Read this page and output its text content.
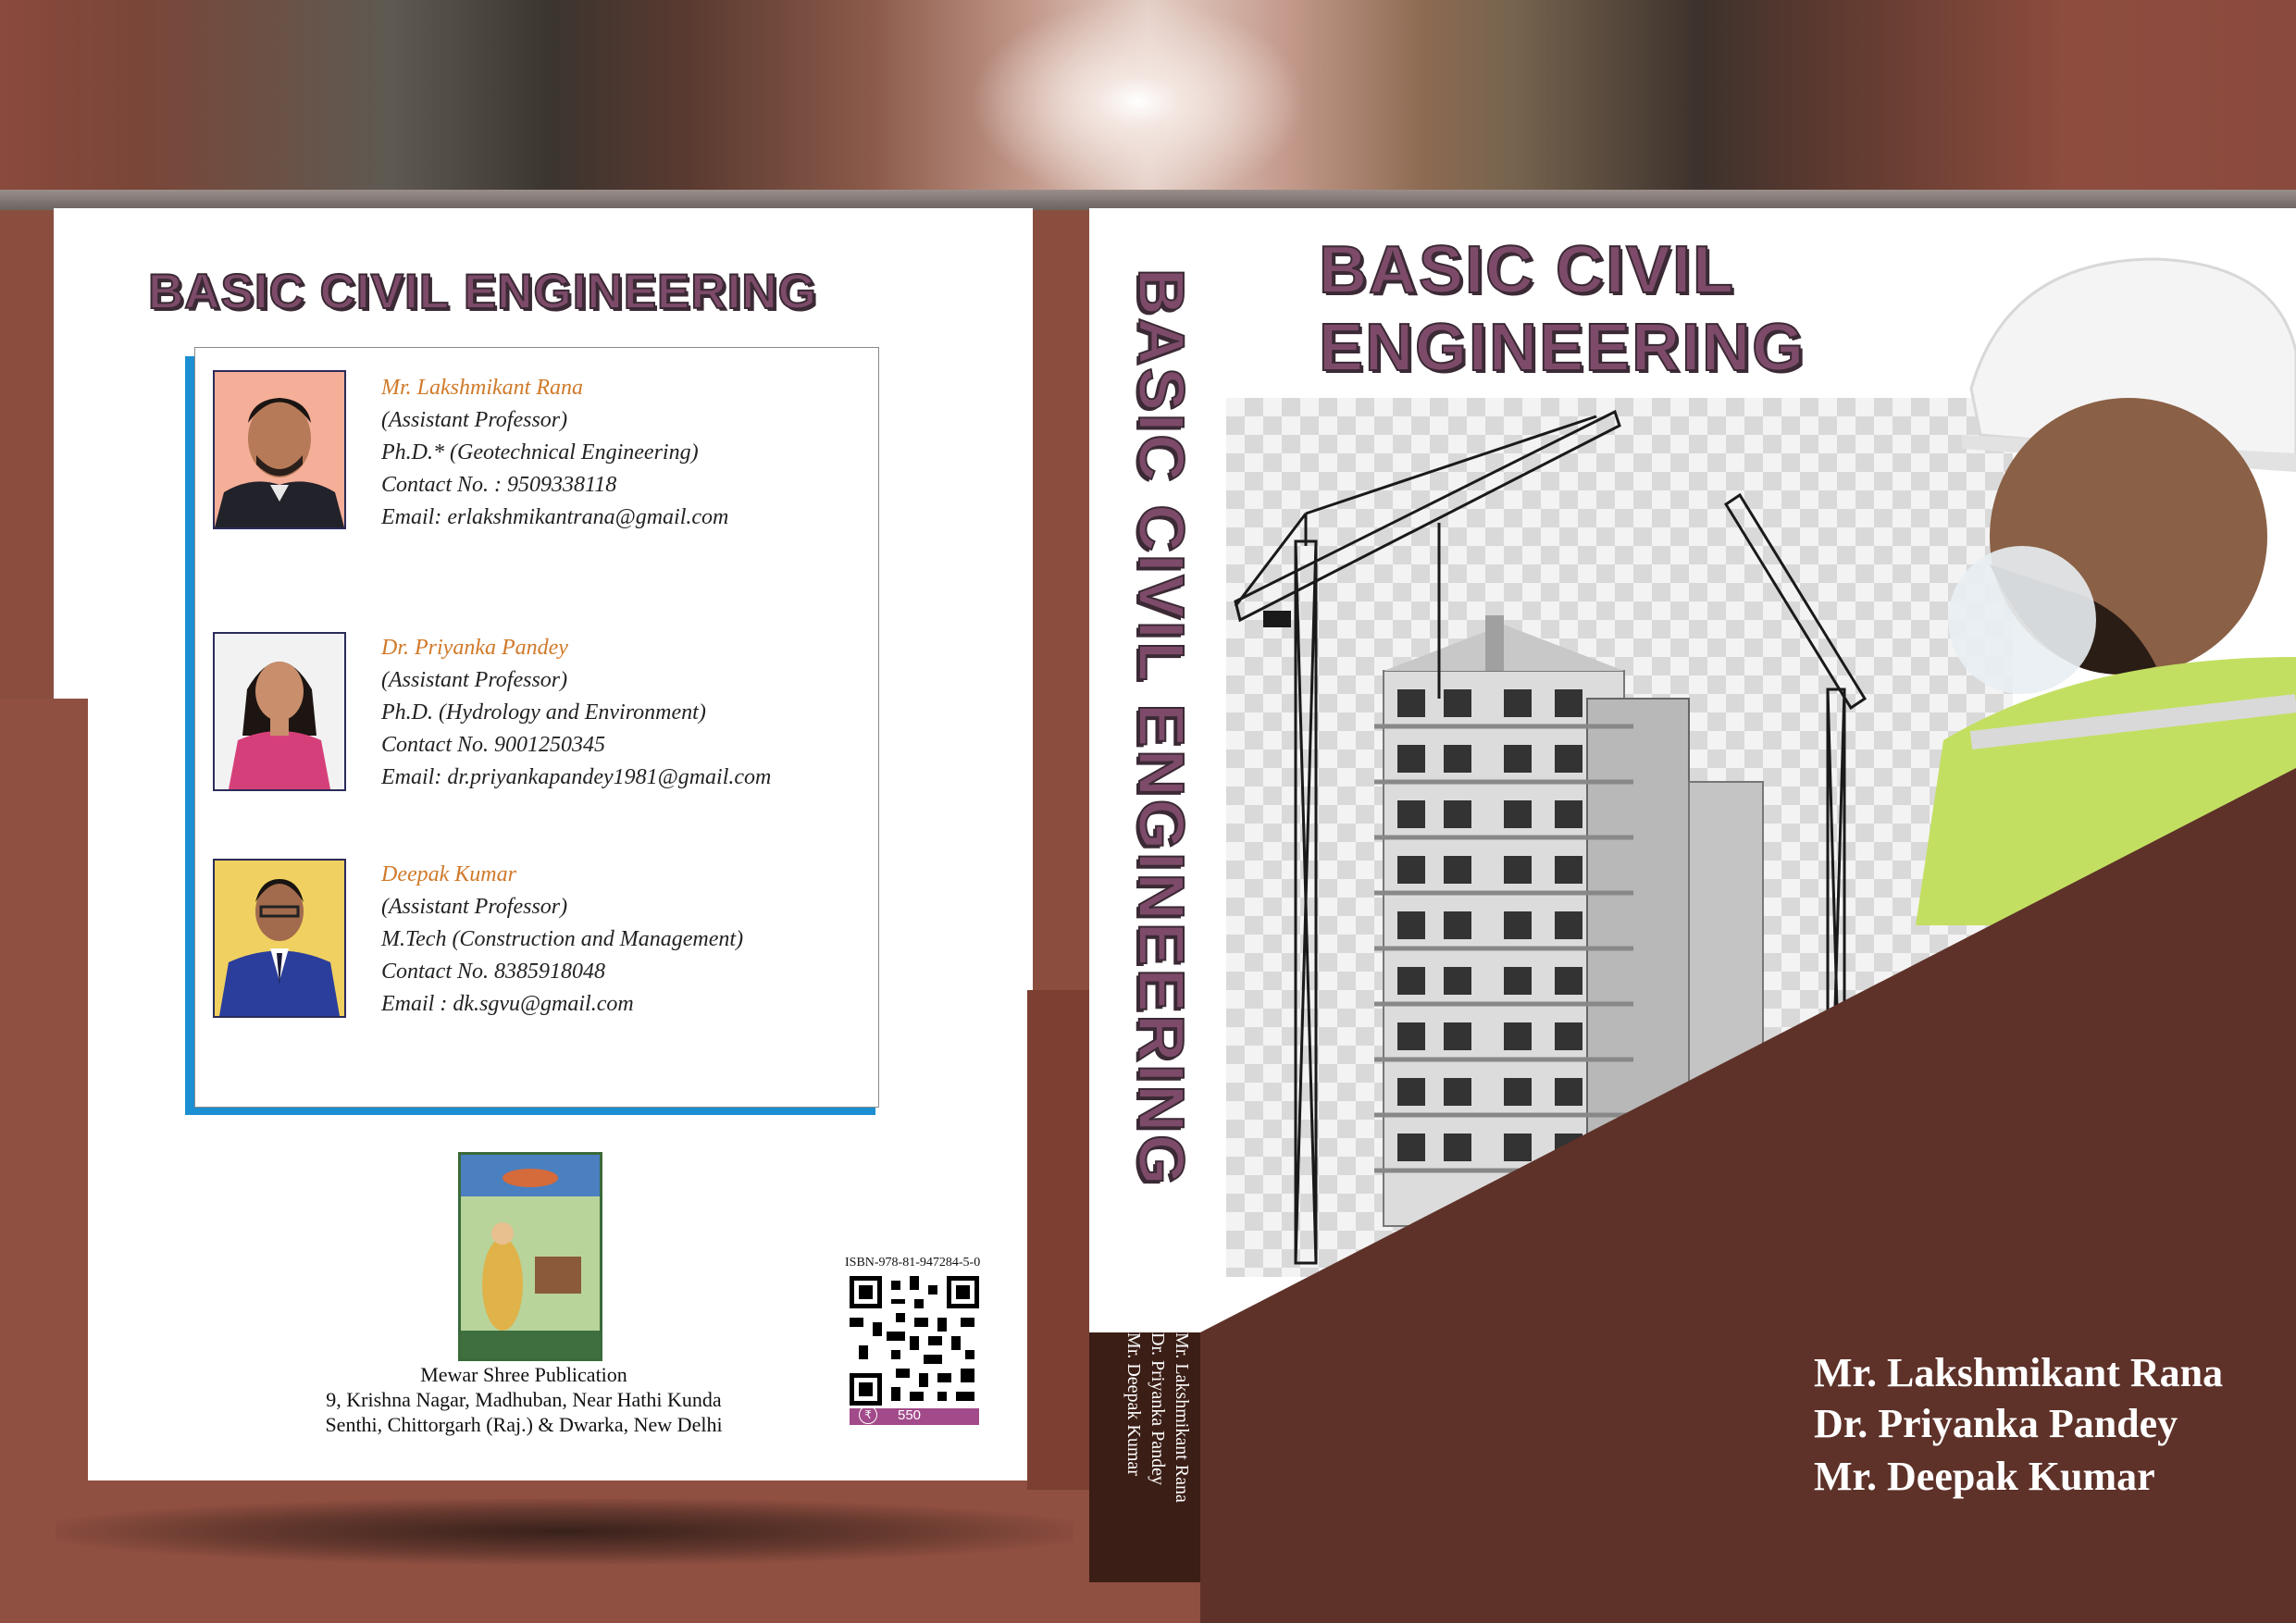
BASIC CIVIL ENGINEERING
Mr. Lakshmikant Rana
(Assistant Professor)
Ph.D.* (Geotechnical Engineering)
Contact No. : 9509338118
Email: erlakshmikantrana@gmail.com
Dr. Priyanka Pandey
(Assistant Professor)
Ph.D. (Hydrology and Environment)
Contact No. 9001250345
Email: dr.priyankapandey1981@gmail.com
Deepak Kumar
(Assistant Professor)
M.Tech (Construction and Management)
Contact No. 8385918048
Email : dk.sgvu@gmail.com
Mewar Shree Publication
9, Krishna Nagar, Madhuban, Near Hathi Kunda
Senthi, Chittorgarh (Raj.) & Dwarka, New Delhi
ISBN-978-81-947284-5-0
₹	550
BASIC CIVIL ENGINEERING
Mr. Lakshmikant Rana
Dr. Priyanka Pandey
Mr. Deepak Kumar
BASIC CIVIL
ENGINEERING
Mr. Lakshmikant Rana
Dr. Priyanka Pandey
Mr. Deepak Kumar
